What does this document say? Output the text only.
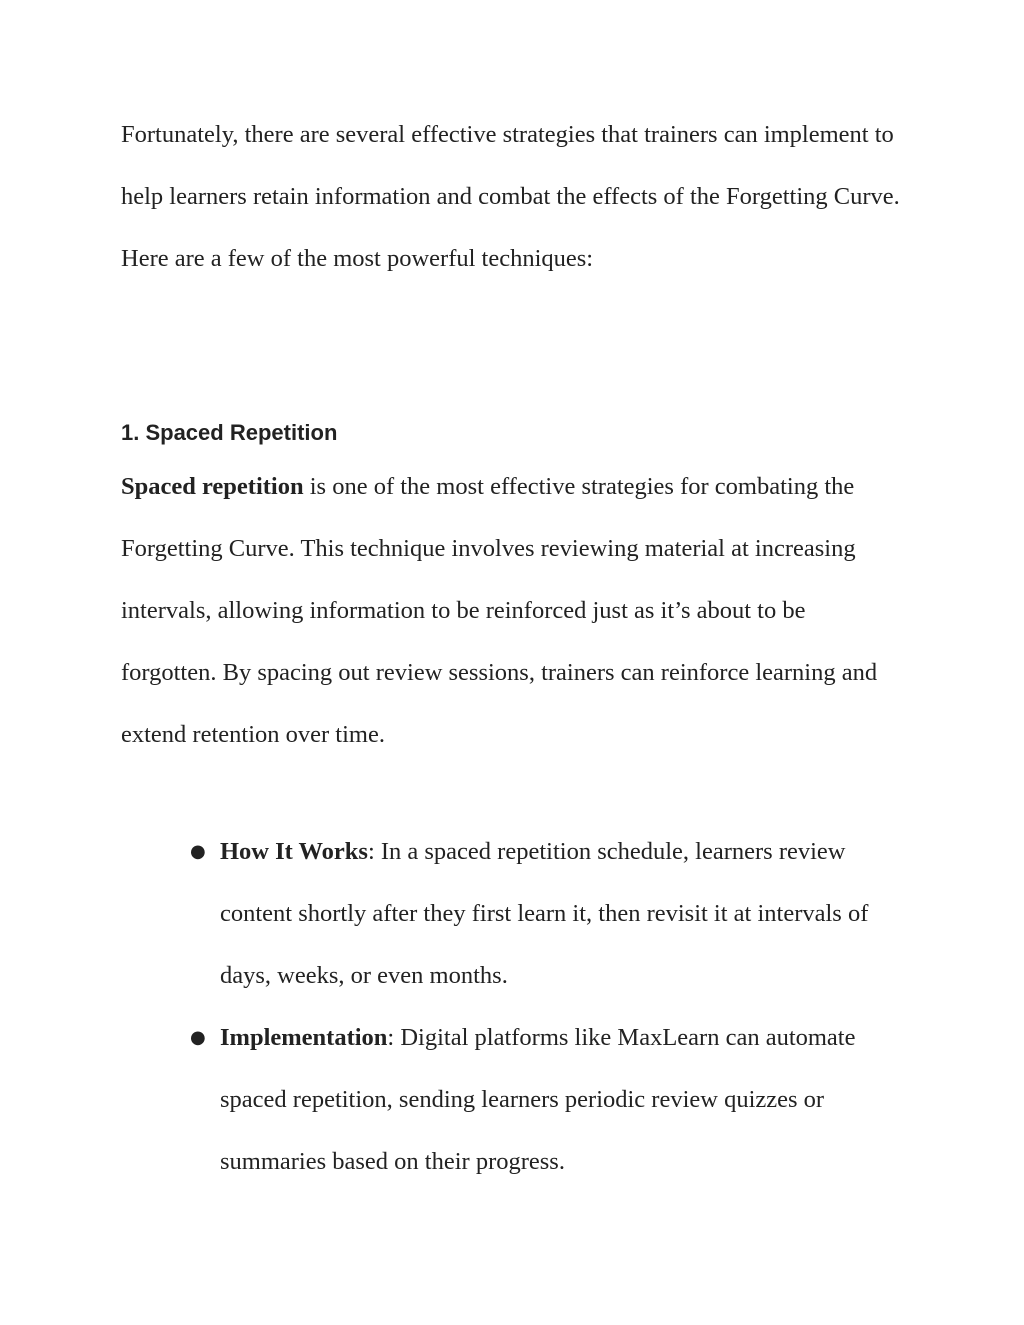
Fortunately, there are several effective strategies that trainers can implement to help learners retain information and combat the effects of the Forgetting Curve. Here are a few of the most powerful techniques:

1. Spaced Repetition

Spaced repetition is one of the most effective strategies for combating the Forgetting Curve. This technique involves reviewing material at increasing intervals, allowing information to be reinforced just as it’s about to be forgotten. By spacing out review sessions, trainers can reinforce learning and extend retention over time.

● How It Works: In a spaced repetition schedule, learners review content shortly after they first learn it, then revisit it at intervals of days, weeks, or even months.
● Implementation: Digital platforms like MaxLearn can automate spaced repetition, sending learners periodic review quizzes or summaries based on their progress.
